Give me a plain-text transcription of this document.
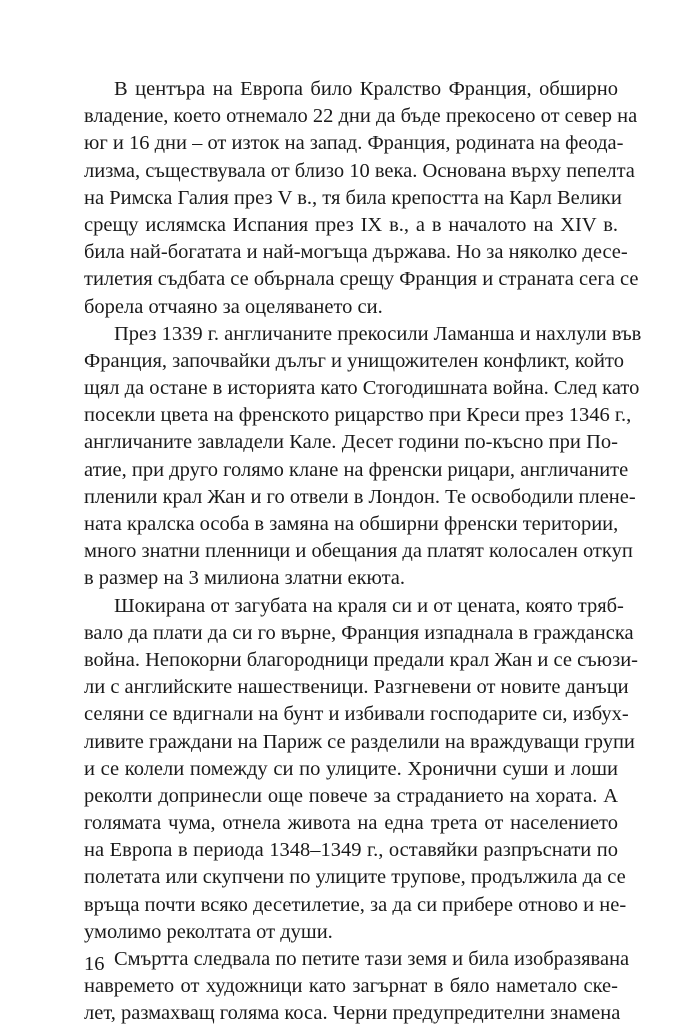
В центъра на Европа било Кралство Франция, обширно
владение, което отнемало 22 дни да бъде прекосено от север на
юг и 16 дни – от изток на запад. Франция, родината на феода-
лизма, съществувала от близо 10 века. Основана върху пепелта
на Римска Галия през V в., тя била крепостта на Карл Велики
срещу ислямска Испания през IX в., а в началото на XIV в.
била най-богатата и най-могъща държава. Но за няколко десе-
тилетия съдбата се обърнала срещу Франция и страната сега се
борела отчаяно за оцеляването си.
През 1339 г. англичаните прекосили Ламанша и нахлули във
Франция, започвайки дълъг и унищожителен конфликт, който
щял да остане в историята като Стогодишната война. След като
посекли цвета на френското рицарство при Креси през 1346 г.,
англичаните завладели Кале. Десет години по-късно при По-
атие, при друго голямо клане на френски рицари, англичаните
пленили крал Жан и го отвели в Лондон. Те освободили плене-
ната кралска особа в замяна на обширни френски територии,
много знатни пленници и обещания да платят колосален откуп
в размер на 3 милиона златни екюта.
Шокирана от загубата на краля си и от цената, която тряб-
вало да плати да си го върне, Франция изпаднала в гражданска
война. Непокорни благородници предали крал Жан и се съюзи-
ли с английските нашественици. Разгневени от новите данъци
селяни се вдигнали на бунт и избивали господарите си, избух-
ливите граждани на Париж се разделили на враждуващи групи
и се колели помежду си по улиците. Хронични суши и лоши
реколти допринесли още повече за страданието на хората. А
голямата чума, отнела живота на една трета от населението
на Европа в периода 1348–1349 г., оставяйки разпръснати по
полетата или скупчени по улиците трупове, продължила да се
връща почти всяко десетилетие, за да си прибере отново и не-
умолимо реколтата от души.
Смъртта следвала по петите тази земя и била изобразявана
навремето от художници като загърнат в бяло наметало ске-
лет, размахващ голяма коса. Черни предупредителни знамена
16
